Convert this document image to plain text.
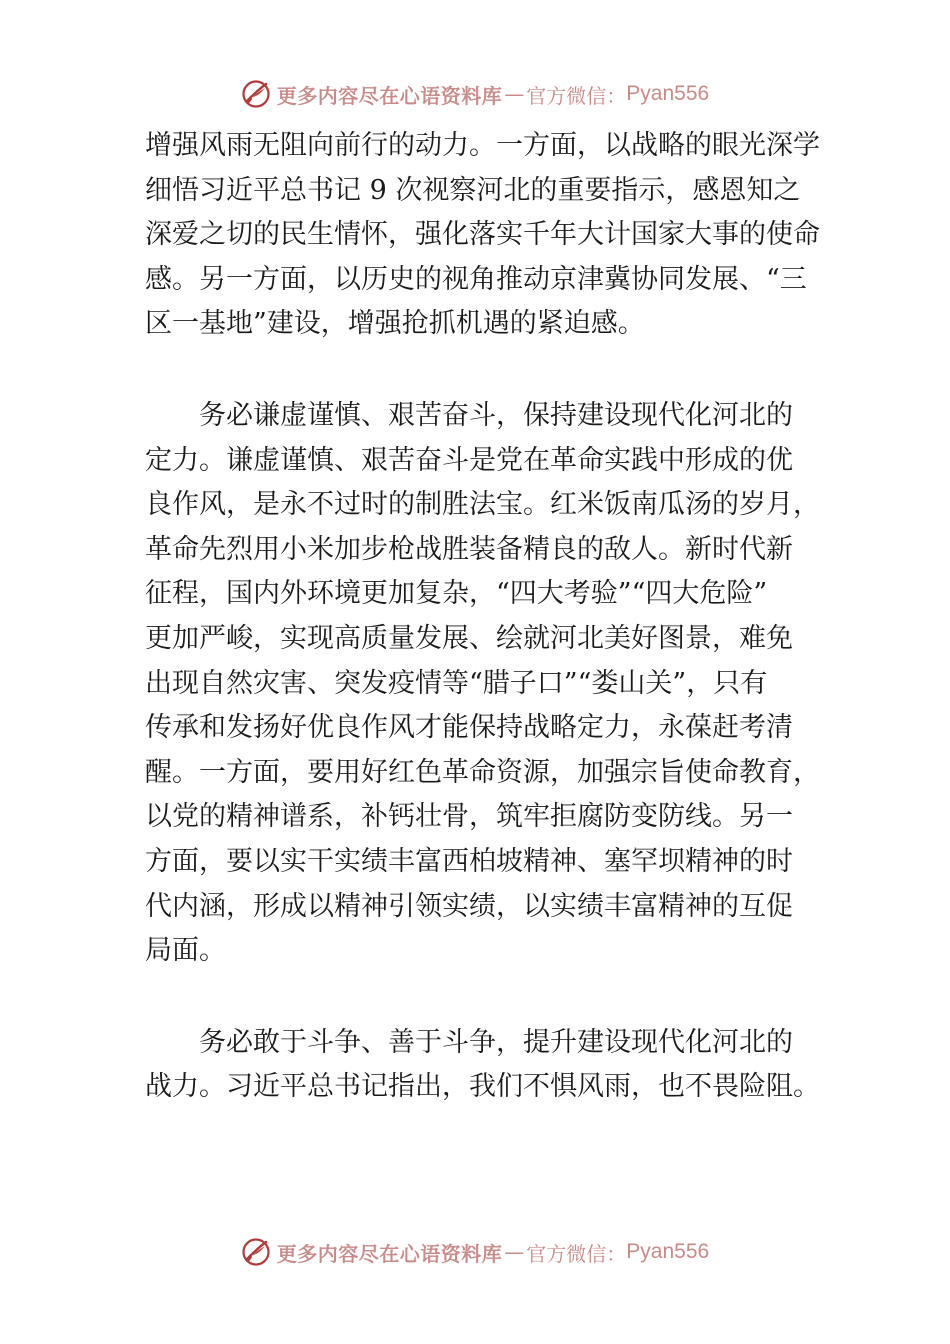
更多内容尽在心语资料库 — 官方微信： Pyan556

增强风雨无阻向前行的动力。一方面，以战略的眼光深学
细悟习近平总书记 9 次视察河北的重要指示，感恩知之
深爱之切的民生情怀，强化落实千年大计国家大事的使命
感。另一方面，以历史的视角推动京津冀协同发展、“三
区一基地”建设，增强抢抓机遇的紧迫感。

　　务必谦虚谨慎、艰苦奋斗，保持建设现代化河北的
定力。谦虚谨慎、艰苦奋斗是党在革命实践中形成的优
良作风，是永不过时的制胜法宝。红米饭南瓜汤的岁月，
革命先烈用小米加步枪战胜装备精良的敌人。新时代新
征程，国内外环境更加复杂，“四大考验”“四大危险”
更加严峻，实现高质量发展、绘就河北美好图景，难免
出现自然灾害、突发疫情等“腊子口”“娄山关”，只有
传承和发扬好优良作风才能保持战略定力，永葆赶考清
醒。一方面，要用好红色革命资源，加强宗旨使命教育，
以党的精神谱系，补钙壮骨，筑牢拒腐防变防线。另一
方面，要以实干实绩丰富西柏坡精神、塞罕坝精神的时
代内涵，形成以精神引领实绩，以实绩丰富精神的互促
局面。

　　务必敢于斗争、善于斗争，提升建设现代化河北的
战力。习近平总书记指出，我们不惧风雨，也不畏险阻。

更多内容尽在心语资料库 — 官方微信： Pyan556
